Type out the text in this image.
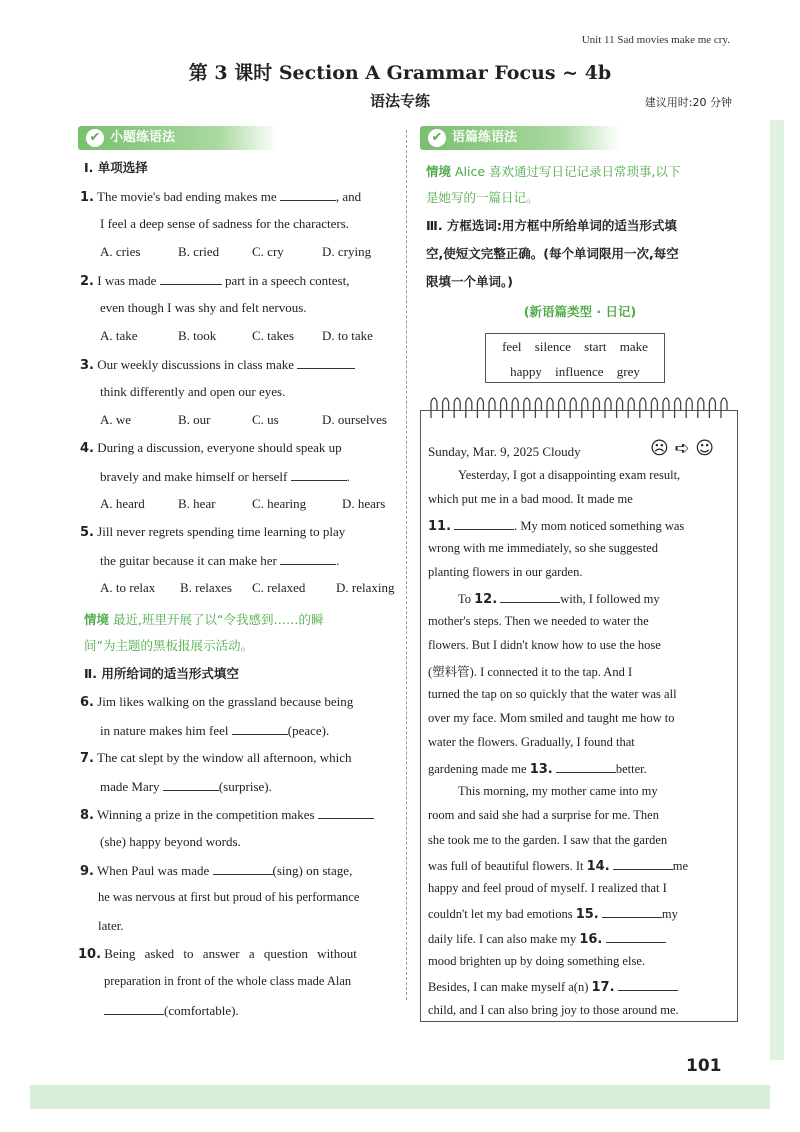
Unit 11 Sad movies make me cry.
第 3 课时 Section A Grammar Focus ~ 4b
语法专练	建议用时:20 分钟
✔ 小题练语法
Ⅰ. 单项选择
1. The movie's bad ending makes me	, and
I feel a deep sense of sadness for the characters.
A. cries	B. cried	C. cry	D. crying
2. I was made	part in a speech contest,
even though I was shy and felt nervous.
A. take	B. took	C. takes D. to take
3. Our weekly discussions in class make
think differently and open our eyes.
A. we	B. our	C. us	D. ourselves
4. During a discussion, everyone should speak up
bravely and make himself or herself	.
A. heard	B. hear	C. hearing	D. hears
5. Jill never regrets spending time learning to play
the guitar because it can make her	.
A. to relax B. relaxes C. relaxed D. relaxing
情境 最近,班里开展了以“令我感到……的瞬
间”为主题的黑板报展示活动。
Ⅱ. 用所给词的适当形式填空
6. Jim likes walking on the grassland because being
in nature makes him feel	(peace).
7. The cat slept by the window all afternoon, which
made Mary	(surprise).
8. Winning a prize in the competition makes
(she) happy beyond words.
9. When Paul was made	(sing) on stage,
he was nervous at first but proud of his performance
later.
10. Being asked to answer a question without
preparation in front of the whole class made Alan
(comfortable).
✔ 语篇练语法
情境 Alice 喜欢通过写日记记录日常琐事,以下
是她写的一篇日记。
Ⅲ. 方框选词:用方框中所给单词的适当形式填
空,使短文完整正确。(每个单词限用一次,每空
限填一个单词。)
(新语篇类型 · 日记)
feel silence start make
happy influence grey
Sunday, Mar. 9, 2025 Cloudy	☹ ➪ ☺
Yesterday, I got a disappointing exam result,
which put me in a bad mood. It made me
11.	. My mom noticed something was
wrong with me immediately, so she suggested
planting flowers in our garden.
To 12.	with, I followed my
mother's steps. Then we needed to water the
flowers. But I didn't know how to use the hose
(塑料管). I connected it to the tap. And I
turned the tap on so quickly that the water was all
over my face. Mom smiled and taught me how to
water the flowers. Gradually, I found that
gardening made me 13.	better.
This morning, my mother came into my
room and said she had a surprise for me. Then
she took me to the garden. I saw that the garden
was full of beautiful flowers. It 14.	me
happy and feel proud of myself. I realized that I
couldn't let my bad emotions 15.	my
daily life. I can also make my 16.
mood brighten up by doing something else.
Besides, I can make myself a(n) 17.
child, and I can also bring joy to those around me.
101
